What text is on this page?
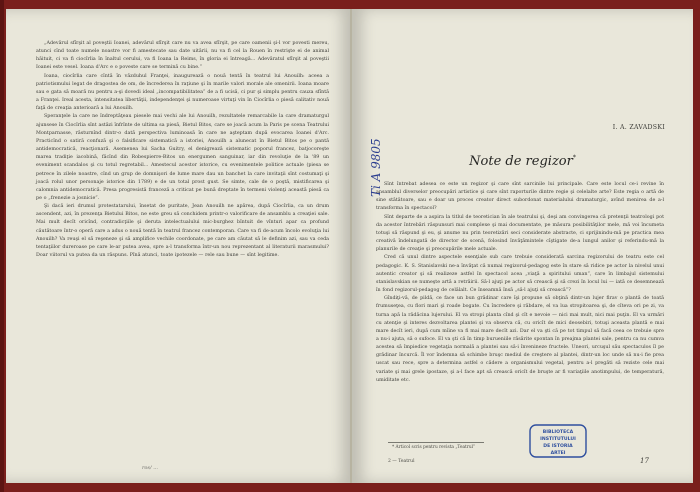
„Adevărul sfîrşit al poveştii Ioanei, adevărul sfîrşit care nu va avea sfîrşit, pe care oamenii şi-l vor povesti mereu, atunci cînd toate numele noastre vor fi amestecate sau date uitării, nu va fi cel la Rouen în restrişte ei de animal hăituit, ci va fi ciocîrlia în înaltul cerului, va fi Ioana la Reims, în gloria ei întreagă... Adevăratul sfîrşit al poveştii Ioanei este vesel. Ioana d'Arc e o poveste care se termină cu bine.”

Ioana, ciocîrlia care cîntă în văzduhul Franţei, inaugurează o nouă tentă în teatrul lui Anouilh: aceea a patriotismului legat de dragostea de om, de încrederea în raţiune şi în marile valori morale ale omenirii. Ioana moare sau e gata să moară nu pentru a-şi dovedi ideal „incompatibilitatea” de a fi ucisă, ci pur şi simplu pentru cauza sfîntă a Franţei. Ireal acesta, intensitatea libertăţii, independenţei şi numeroase virtuţi vin în Ciocîrlia o piesă calitativ nouă faţă de creaţia anterioară a lui Anouilh.

Speranţele la care ne îndreptăţeau piesele mai vechi ale lui Anouilh, rezultatele remarcabile la care dramaturgul ajunsese în Ciocîrlia sînt astăzi înfrînte de ultima sa piesă, Bietul Bitos, care se joacă acum la Paris pe scena Teatrului Montparnasse, răsturnînd dintr-o dată perspectiva luminoasă în care ne aşteptam după evocarea Ioanei d'Arc. Practicînd o satiră confuză şi o falsificare sistematică a istoriei, Anouilh a alunecat în Bietul Bitos pe o pantă antidemocratică, reacţionară. Asemenea lui Sacha Guitry, el denigrează sistematic poporul francez, batjocoreşte marea tradiţie iacobină, făcînd din Robespierre-Bitos un energumen sanguinar, iar din revoluţie de la '89 un eveniment scandalos şi cu totul regretabil... Amestecul acestor istorice, cu evenimentele politice actuale (piesa se petrece în zilele noastre, cînd un grup de domnişori de lume mare dau un banchet la care invitaţii sînt costumaţi şi joacă rolul unor personaje istorice din 1789) e de un total prost gust. Se simte, cale de o poştă, mistificarea şi calomnia antidemocratică. Presa progresistă franceză a criticat pe bună dreptate în termeni violenţi această piesă ca pe o „frenezie a josnicie”.

Şi dacă ieri drumul protestatarului, însetat de puritate, Jean Anouilh ne apărea, după Ciocîrlia, ca un drum ascendent, azi, în prezenţa Bietului Bitos, ne este greu să conchidem printr-o valorificare de ansamblu a creaţiei sale. Mai mult decît oricînd, contradicţiile şi deruta intelectualului mic-burghez bîntuit de vînturi apar ca profund căutătoare într-o operă care a adus o nouă tentă în teatrul francez contemporan. Care va fi de-acum încolo evoluţia lui Anouilh? Va reuşi el să reşeneze şi să amplifice vechile coordonate, pe care am căutat să le definim azi, sau va ceda tentaţiilor dureroase pe care le-ar putea avea, spre a-l transforma într-un nou reprezentant al literaturii marasmului? Doar viitorul va putea da un răspuns. Pînă atunci, toate ipotezele — rele sau bune — sînt legitime.

ros/ ...
Ti A 9805
I. A. ZAVADSKI
Note de regizor*

Sînt întrebat adesea ce este un regizor şi care sînt sarcinile lui principale. Care este locul ce-i revine în ansamblul diverselor preocupări artistice şi care sînt raporturile dintre regie şi celelalte arte? Este regia o artă de sine stătătoare, sau e doar un proces creator direct subordonat materialului dramaturgic, avînd menirea de a-l transforma în spectacol?

Sînt departe de a aspira la titlul de teoretician în ale teatrului şi, deşi am convingerea că pretenţii teatrologi pot da acestor întrebări răspunsuri mai complexe şi mai documentate, pe măsura posibilităţilor mele, mă voi încumeta totuşi să răspund şi eu, şi anume nu prin teoretizări seci considerate abstracte, ci sprijinindu-mă pe practica mea creativă îndelungată de director de scenă, folosind învăţămintele cîştigate de-a lungul anilor şi referindu-mă la planurile de creaţie şi preocupările mele actuale.

Cred că unul dintre aspectele esenţiale sub care trebuie considerată sarcina regizorului de teatru este cel pedagogic. K. S. Stanislavski ne-a învăţat că numai regizorul-pedagog este în stare să ridice pe actor la nivelul unui autentic creator şi să realizeze astfel în spectacol acea „viaţă a spiritului uman”, care în limbajul sistemului stanislavskian se numeşte artă a retrăirii. Să-l ajuţi pe actor să crească şi să crezi în locul lui — iată ce desemnează în fond regizorul-pedagog de celălalt. Ce înseamnă însă „să-l ajuţi să crească”?

Gîndiţi-vă, de pildă, ce face un bun grădinar care îşi propune să obţină dintr-un lujer firav o plantă de toată frumuseţea, cu flori mari şi roade bogate. Cu încredere şi răbdare, el va lua stropitoarea şi, de cîteva ori pe zi, va turna apă la rădăcina lujerului. El va stropi planta cînd şi cît e nevoie — nici mai mult, nici mai puţin. El va urmări cu atenţie şi interes dezvoltarea plantei şi va observa că, cu oricît de mici deosebiri, totuşi aceasta plantă e mai mare decît ieri, după cum mîine va fi mai mare decît azi. Dar el va şti că pe tot timpul să facă ceea ce trebuie spre a nu-i ajuta, să o sufoce. El va şti că în timp burueniile răsărite spontan în preajma plantei sale, pentru ca nu cumva acestea să împiedice vegetaţia normală a plantei sau să-i învenineze fructele. Uneori, urcuşul său spectaculos îl pe grădinar încurcă. Îl vor îndemna să schimbe bruşc mediul de creştere al plantei, dintr-un loc unde să nu-i fie prea uscat sau rece, spre a determina astfel o cădere a organismului vegetal, pentru a-l pregăti să reziste cele mai variate şi mai grele ipostaze, şi a-l face apt să crească oricît de bruşte ar fi variaţiile anotimpului, de temperatură, umiditate etc.

* Articol scris pentru revista „Teatrul”
2 — Teatrul
BIBLIOTECA
INSTITUTULUI
DE ISTORIA
ARTEI
17
